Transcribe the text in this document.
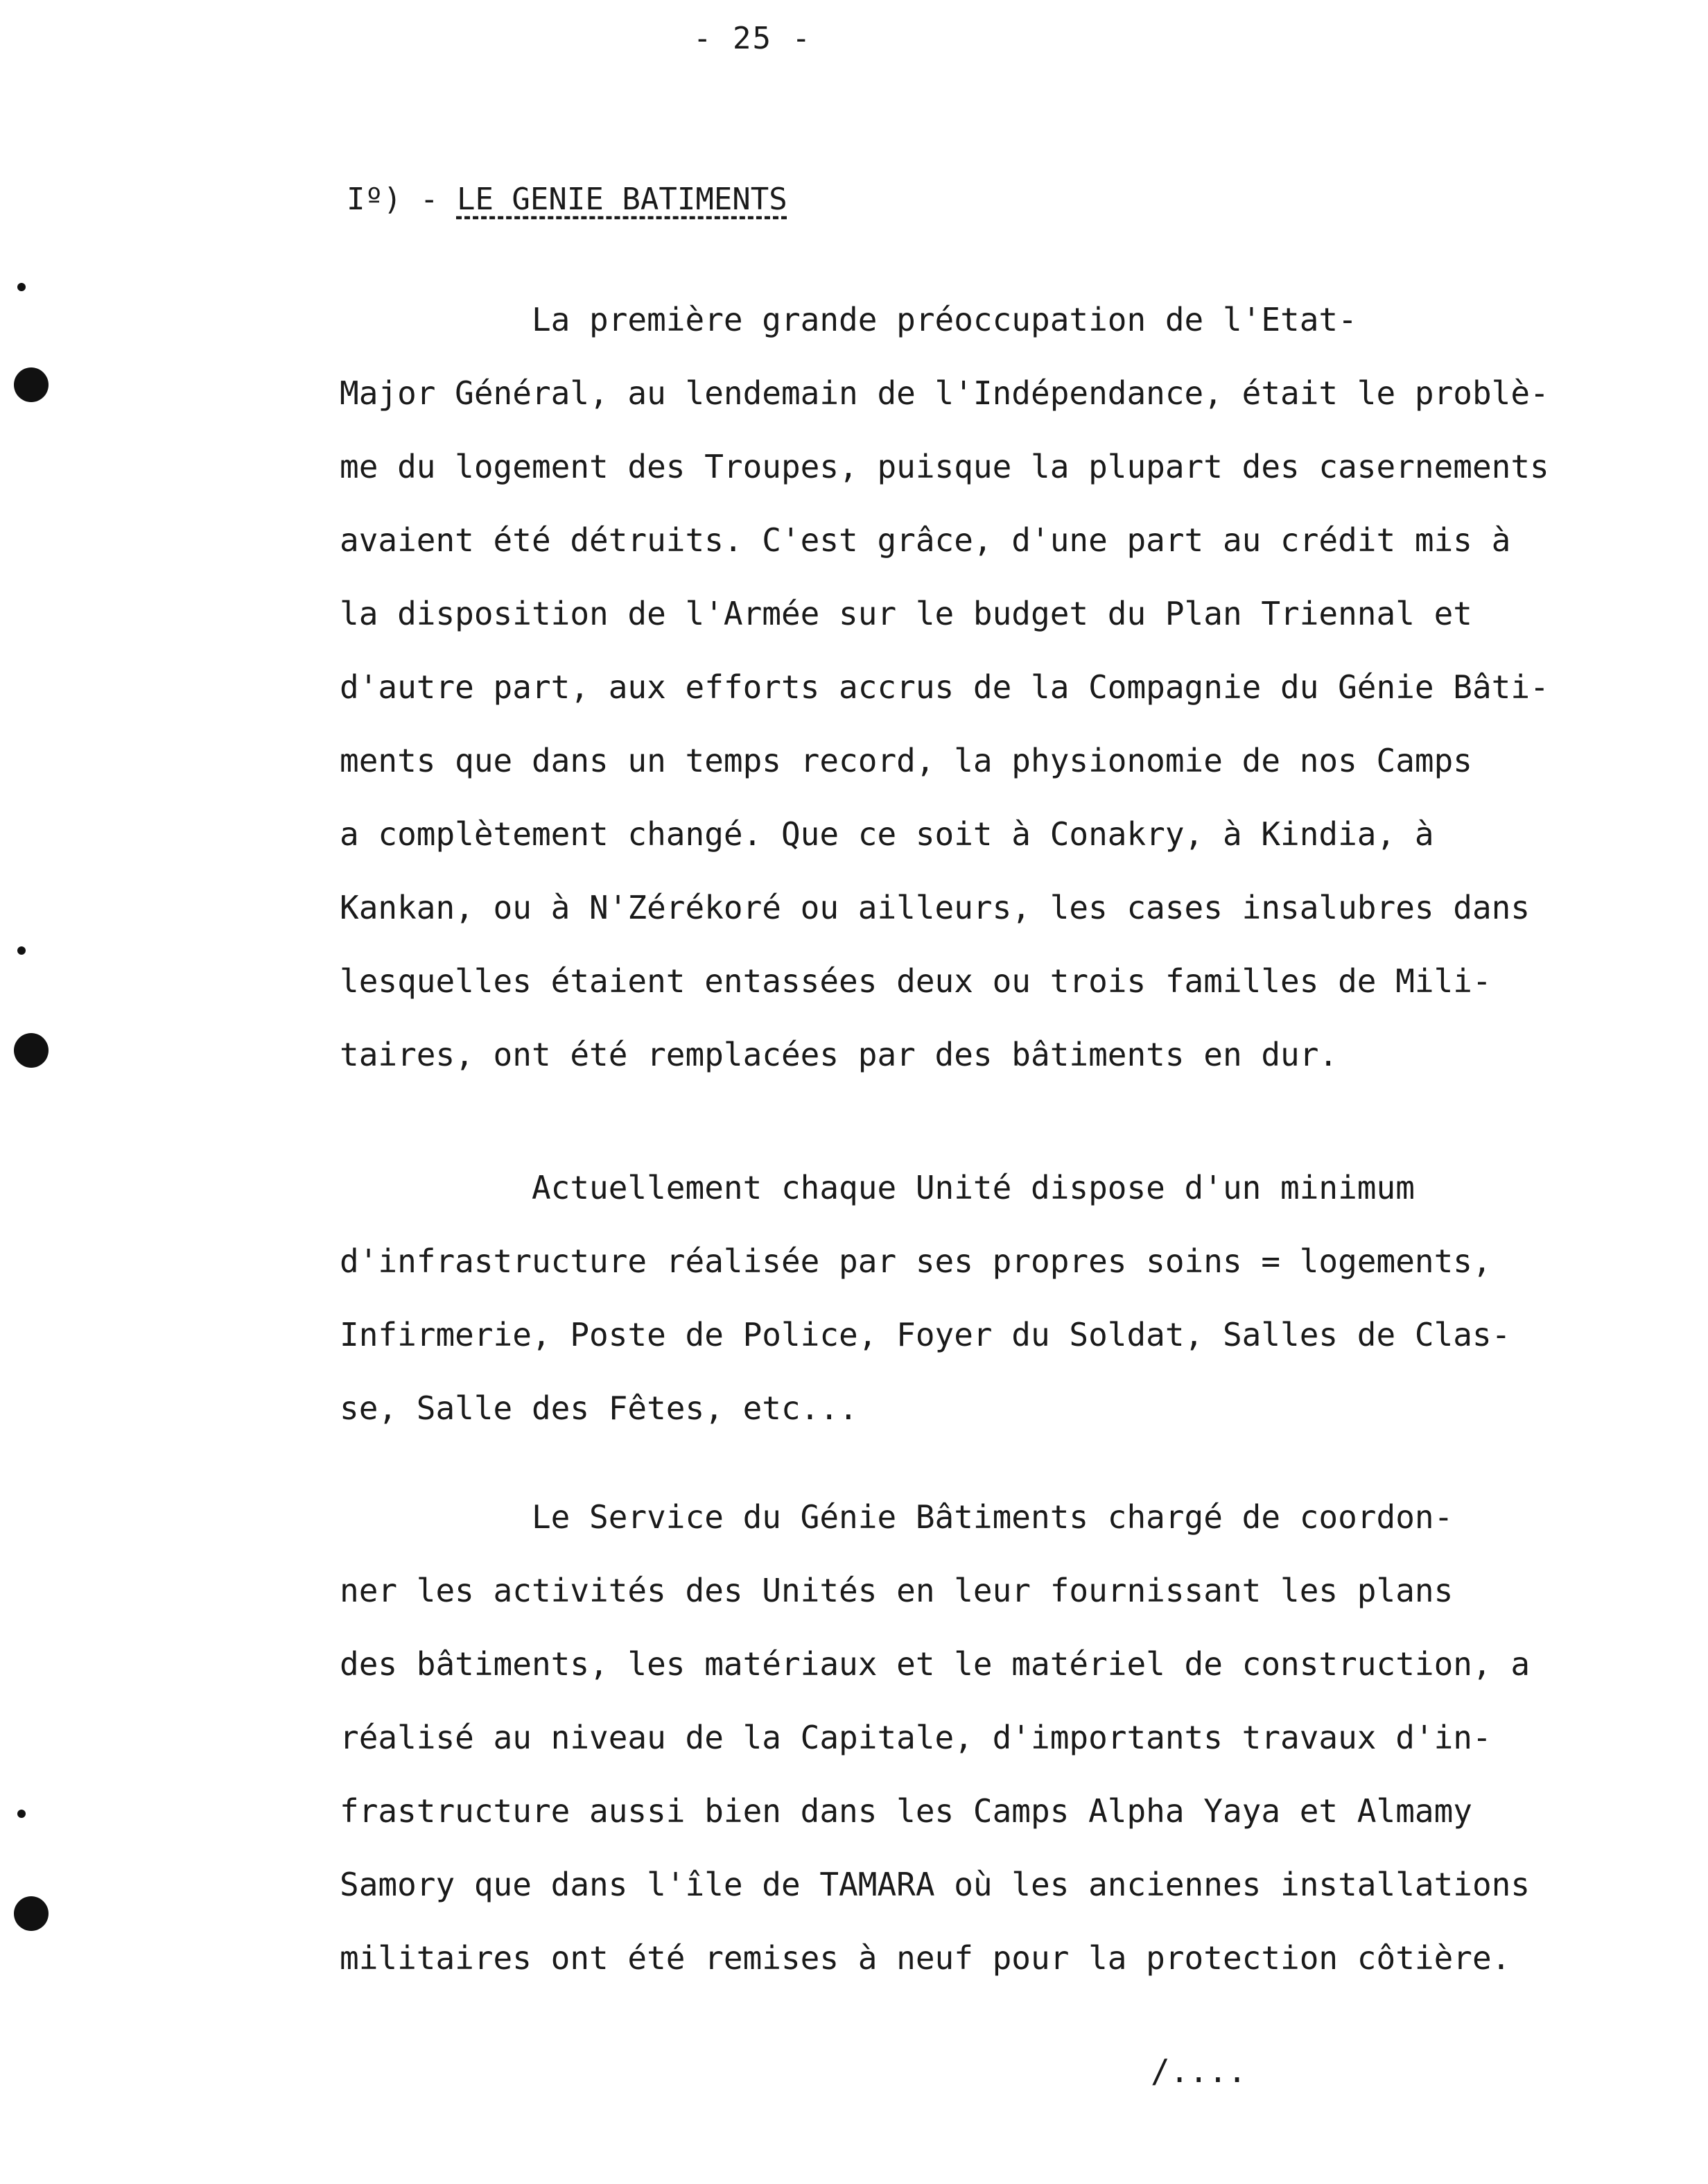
- 25 -
Iº) - LE GENIE BATIMENTS
La première grande préoccupation de l'Etat-
Major Général, au lendemain de l'Indépendance, était le problè-
me du logement des Troupes, puisque la plupart des casernements
avaient été détruits. C'est grâce, d'une part au crédit mis à
la disposition de l'Armée sur le budget du Plan Triennal et
d'autre part, aux efforts accrus de la Compagnie du Génie Bâti-
ments que dans un temps record, la physionomie de nos Camps
a complètement changé. Que ce soit à Conakry, à Kindia, à
Kankan, ou à N'Zérékoré ou ailleurs, les cases insalubres dans
lesquelles étaient entassées deux ou trois familles de Mili-
taires, ont été remplacées par des bâtiments en dur.
Actuellement chaque Unité dispose d'un minimum
d'infrastructure réalisée par ses propres soins = logements,
Infirmerie, Poste de Police, Foyer du Soldat, Salles de Clas-
se, Salle des Fêtes, etc...
Le Service du Génie Bâtiments chargé de coordon-
ner les activités des Unités en leur fournissant les plans
des bâtiments, les matériaux et le matériel de construction, a
réalisé au niveau de la Capitale, d'importants travaux d'in-
frastructure aussi bien dans les Camps Alpha Yaya et Almamy
Samory que dans l'île de TAMARA où les anciennes installations
militaires ont été remises à neuf pour la protection côtière.
/....
